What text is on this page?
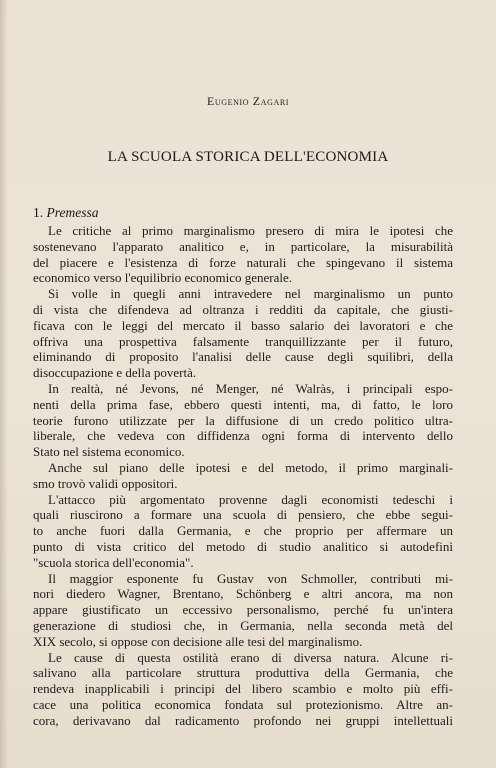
Eugenio Zagari
LA SCUOLA STORICA DELL'ECONOMIA
1. Premessa
Le critiche al primo marginalismo presero di mira le ipotesi che
sostenevano l'apparato analitico e, in particolare, la misurabilità
del piacere e l'esistenza di forze naturali che spingevano il sistema
economico verso l'equilibrio economico generale.
Si volle in quegli anni intravedere nel marginalismo un punto
di vista che difendeva ad oltranza i redditi da capitale, che giusti-
ficava con le leggi del mercato il basso salario dei lavoratori e che
offriva una prospettiva falsamente tranquillizzante per il futuro,
eliminando di proposito l'analisi delle cause degli squilibri, della
disoccupazione e della povertà.
In realtà, né Jevons, né Menger, né Walràs, i principali espo-
nenti della prima fase, ebbero questi intenti, ma, di fatto, le loro
teorie furono utilizzate per la diffusione di un credo politico ultra-
liberale, che vedeva con diffidenza ogni forma di intervento dello
Stato nel sistema economico.
Anche sul piano delle ipotesi e del metodo, il primo marginali-
smo trovò validi oppositori.
L'attacco più argomentato provenne dagli economisti tedeschi i
quali riuscirono a formare una scuola di pensiero, che ebbe segui-
to anche fuori dalla Germania, e che proprio per affermare un
punto di vista critico del metodo di studio analitico si autodefinì
"scuola storica dell'economia".
Il maggior esponente fu Gustav von Schmoller, contributi mi-
nori diedero Wagner, Brentano, Schönberg e altri ancora, ma non
appare giustificato un eccessivo personalismo, perché fu un'intera
generazione di studiosi che, in Germania, nella seconda metà del
XIX secolo, si oppose con decisione alle tesi del marginalismo.
Le cause di questa ostilità erano di diversa natura. Alcune ri-
salivano alla particolare struttura produttiva della Germania, che
rendeva inapplicabili i principi del libero scambio e molto più effi-
cace una politica economica fondata sul protezionismo. Altre an-
cora, derivavano dal radicamento profondo nei gruppi intellettuali
